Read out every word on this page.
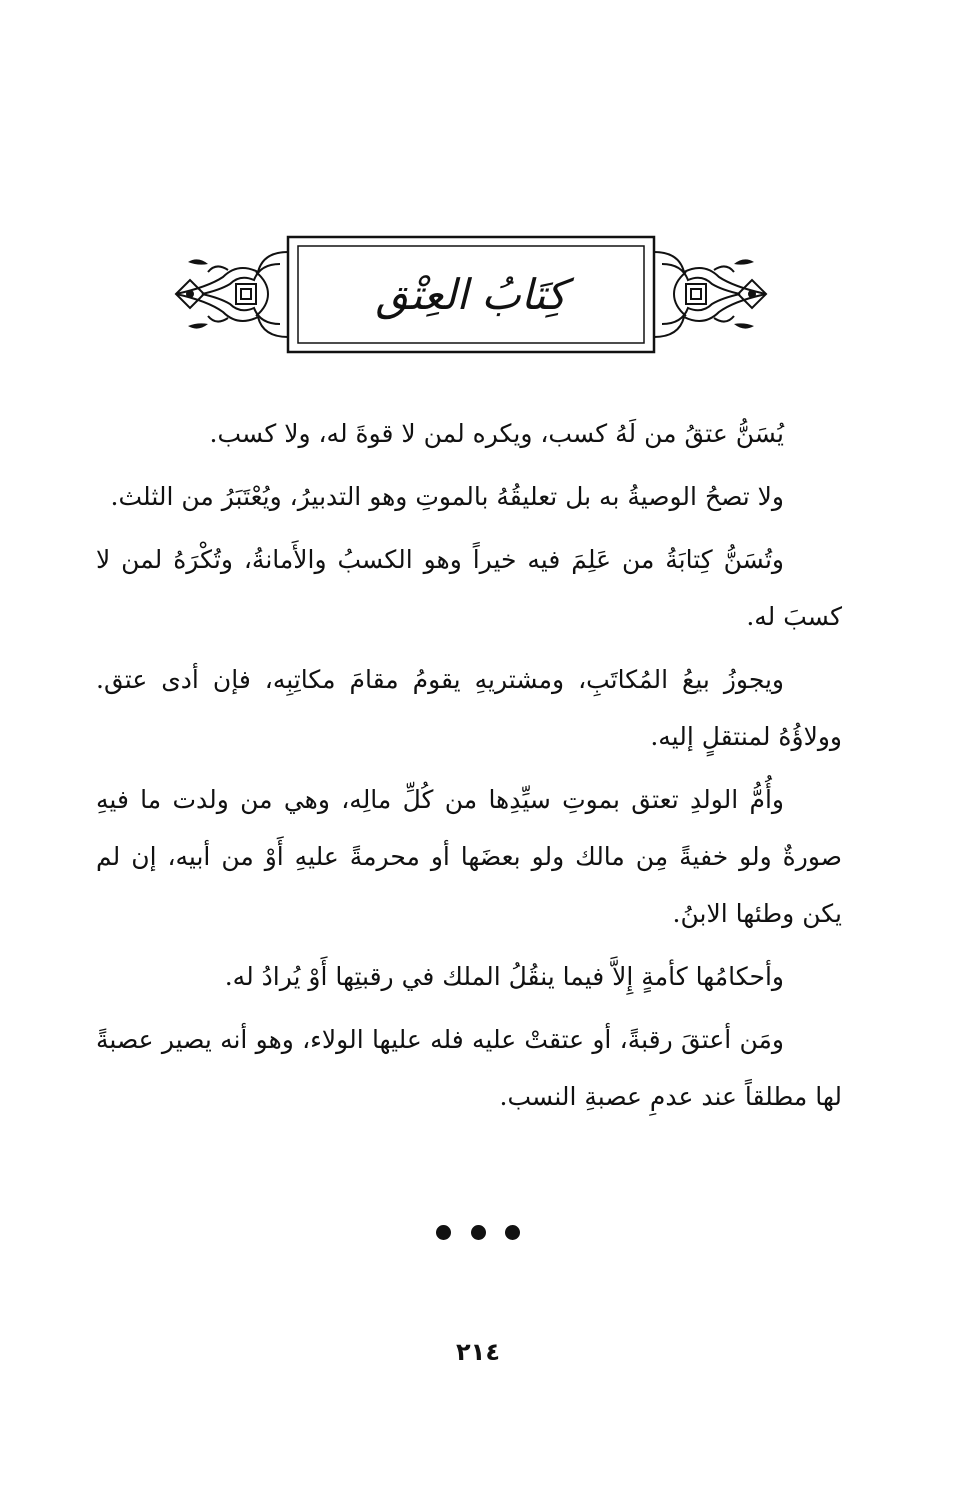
كِتَابُ العِتْق

يُسَنُّ عتقُ من لَهُ كسب، ويكره لمن لا قوةَ له، ولا كسب.

ولا تصحُ الوصيةُ به بل تعليقُهُ بالموتِ وهو التدبيرُ، ويُعْتَبَرُ من الثلث.

وتُسَنُّ كِتابَةُ من عَلِمَ فيه خيراً وهو الكسبُ والأَمانةُ، وتُكْرَهُ لمن لا كسبَ له.

ويجوزُ بيعُ المُكاتَبِ، ومشتريهِ يقومُ مقامَ مكاتِبِه، فإن أدى عتق. وولاؤُهُ لمنتقلٍ إليه.

وأُمُّ الولدِ تعتق بموتِ سيِّدِها من كُلِّ مالِه، وهي من ولدت ما فيهِ صورةٌ ولو خفيةً مِن مالك ولو بعضَها أو محرمةً عليهِ أَوْ من أبيه، إن لم يكن وطئها الابنُ.

وأحكامُها كأمةٍ إِلاَّ فيما ينقُلُ الملك في رقبتِها أَوْ يُرادُ له.

ومَن أعتقَ رقبةً، أو عتقتْ عليه فله عليها الولاء، وهو أنه يصير عصبةً لها مطلقاً عند عدمِ عصبةِ النسب.

٢١٤
